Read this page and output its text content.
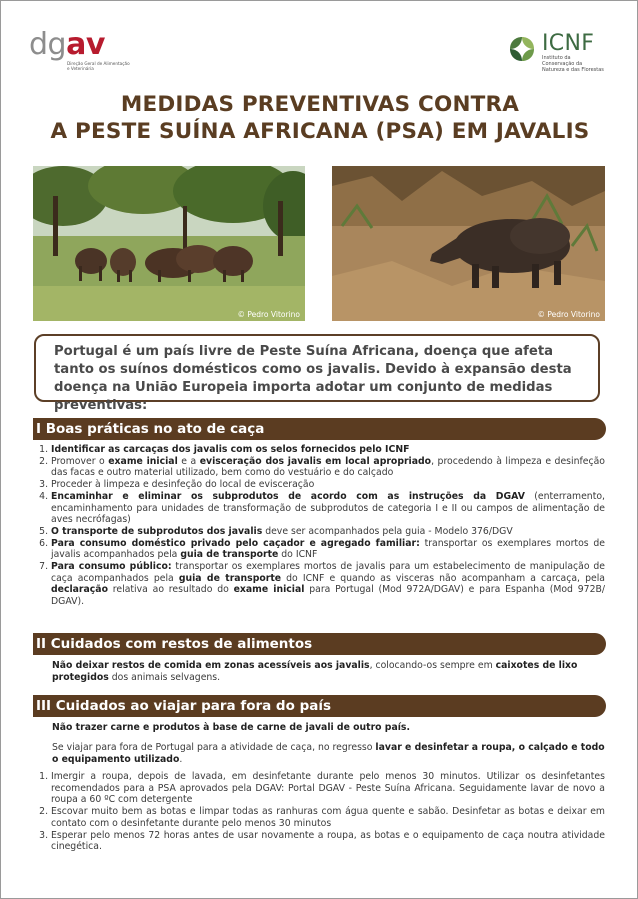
dgav
Direção Geral de Alimentação e Veterinária
ICNF
Instituto da Conservação da Natureza e das Florestas
MEDIDAS PREVENTIVAS CONTRA
A PESTE SUÍNA AFRICANA (PSA) EM JAVALIS
© Pedro Vitorino	© Pedro Vitorino
Portugal é um país livre de Peste Suína Africana, doença que afeta tanto os suínos domésticos como os javalis. Devido à expansão desta doença na União Europeia importa adotar um conjunto de medidas preventivas:
I Boas práticas no ato de caça
1. Identificar as carcaças dos javalis com os selos fornecidos pelo ICNF
2. Promover o exame inicial e a evisceração dos javalis em local apropriado, procedendo à limpeza e desinfeção das facas e outro material utilizado, bem como do vestuário e do calçado
3. Proceder à limpeza e desinfeção do local de evisceração
4. Encaminhar e eliminar os subprodutos de acordo com as instruções da DGAV (enterramento, encaminhamento para unidades de transformação de subprodutos de categoria I e II ou campos de alimentação de aves necrófagas)
5. O transporte de subprodutos dos javalis deve ser acompanhados pela guia - Modelo 376/DGV
6. Para consumo doméstico privado pelo caçador e agregado familiar: transportar os exemplares mortos de javalis acompanhados pela guia de transporte do ICNF
7. Para consumo público: transportar os exemplares mortos de javalis para um estabelecimento de manipulação de caça acompanhados pela guia de transporte do ICNF e quando as visceras não acompanham a carcaça, pela declaração relativa ao resultado do exame inicial para Portugal (Mod 972A/DGAV) e para Espanha (Mod 972B/ DGAV).
II Cuidados com restos de alimentos
Não deixar restos de comida em zonas acessíveis aos javalis, colocando-os sempre em caixotes de lixo protegidos dos animais selvagens.
III Cuidados ao viajar para fora do país
Não trazer carne e produtos à base de carne de javali de outro país.
Se viajar para fora de Portugal para a atividade de caça, no regresso lavar e desinfetar a roupa, o calçado e todo o equipamento utilizado.
1. Imergir a roupa, depois de lavada, em desinfetante durante pelo menos 30 minutos. Utilizar os desinfetantes recomendados para a PSA aprovados pela DGAV: Portal DGAV - Peste Suína Africana. Seguidamente lavar de novo a roupa a 60 ºC com detergente
2. Escovar muito bem as botas e limpar todas as ranhuras com água quente e sabão. Desinfetar as botas e deixar em contato com o desinfetante durante pelo menos 30 minutos
3. Esperar pelo menos 72 horas antes de usar novamente a roupa, as botas e o equipamento de caça noutra atividade cinegética.
